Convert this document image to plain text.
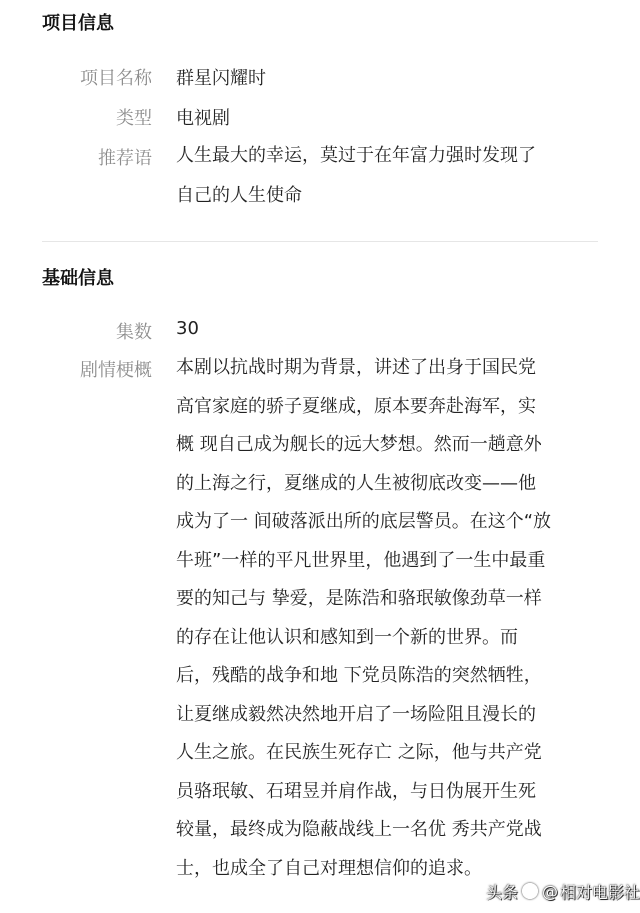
项目信息
项目名称 群星闪耀时
类型 电视剧
推荐语 人生最大的幸运，莫过于在年富力强时发现了
自己的人生使命
基础信息
集数 30
剧情梗概 本剧以抗战时期为背景，讲述了出身于国民党
高官家庭的骄子夏继成，原本要奔赴海军，实
概 现自己成为舰长的远大梦想。然而一趟意外
的上海之行，夏继成的人生被彻底改变——他
成为了一 间破落派出所的底层警员。在这个“放
牛班”一样的平凡世界里，他遇到了一生中最重
要的知己与 挚爱，是陈浩和骆珉敏像劲草一样
的存在让他认识和感知到一个新的世界。而
后，残酷的战争和地 下党员陈浩的突然牺牲，
让夏继成毅然决然地开启了一场险阻且漫长的
人生之旅。在民族生死存亡 之际，他与共产党
员骆珉敏、石珺昱并肩作战，与日伪展开生死
较量，最终成为隐蔽战线上一名优 秀共产党战
士，也成全了自己对理想信仰的追求。
头条 @ 相对电影社
